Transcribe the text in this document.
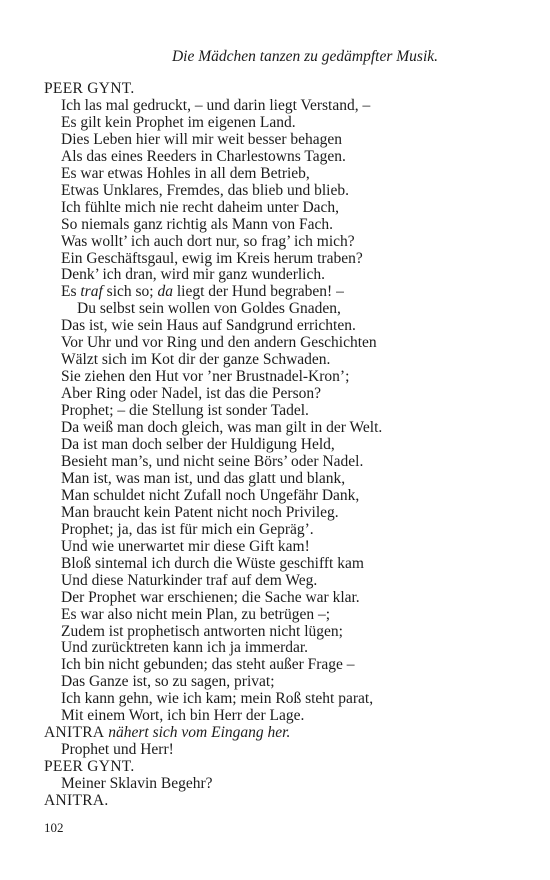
Die Mädchen tanzen zu gedämpfter Musik.
PEER GYNT.
Ich las mal gedruckt, – und darin liegt Verstand, –
Es gilt kein Prophet im eigenen Land.
Dies Leben hier will mir weit besser behagen
Als das eines Reeders in Charlestowns Tagen.
Es war etwas Hohles in all dem Betrieb,
Etwas Unklares, Fremdes, das blieb und blieb.
Ich fühlte mich nie recht daheim unter Dach,
So niemals ganz richtig als Mann von Fach.
Was wollt’ ich auch dort nur, so frag’ ich mich?
Ein Geschäftsgaul, ewig im Kreis herum traben?
Denk’ ich dran, wird mir ganz wunderlich.
Es traf sich so; da liegt der Hund begraben! –
Du selbst sein wollen von Goldes Gnaden,
Das ist, wie sein Haus auf Sandgrund errichten.
Vor Uhr und vor Ring und den andern Geschichten
Wälzt sich im Kot dir der ganze Schwaden.
Sie ziehen den Hut vor ’ner Brustnadel-Kron’;
Aber Ring oder Nadel, ist das die Person?
Prophet; – die Stellung ist sonder Tadel.
Da weiß man doch gleich, was man gilt in der Welt.
Da ist man doch selber der Huldigung Held,
Besieht man’s, und nicht seine Börs’ oder Nadel.
Man ist, was man ist, und das glatt und blank,
Man schuldet nicht Zufall noch Ungefähr Dank,
Man braucht kein Patent nicht noch Privileg.
Prophet; ja, das ist für mich ein Gepräg’.
Und wie unerwartet mir diese Gift kam!
Bloß sintemal ich durch die Wüste geschifft kam
Und diese Naturkinder traf auf dem Weg.
Der Prophet war erschienen; die Sache war klar.
Es war also nicht mein Plan, zu betrügen –;
Zudem ist prophetisch antworten nicht lügen;
Und zurücktreten kann ich ja immerdar.
Ich bin nicht gebunden; das steht außer Frage –
Das Ganze ist, so zu sagen, privat;
Ich kann gehn, wie ich kam; mein Roß steht parat,
Mit einem Wort, ich bin Herr der Lage.
ANITRA nähert sich vom Eingang her.
Prophet und Herr!
PEER GYNT.
Meiner Sklavin Begehr?
ANITRA.
102
